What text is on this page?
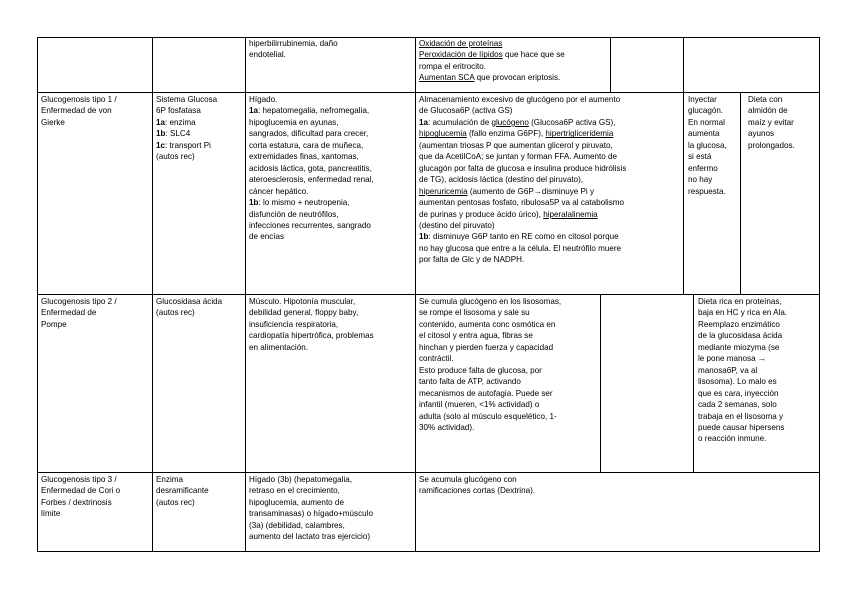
hiperbilirrubinemia, daño
endotelial.
Oxidación de proteínas
Peroxidación de lípidos que hace que se
rompa el eritrocito.
Aumentan SCA que provocan eriptosis.
Glucogenosis tipo 1 /
Enfermedad de von
Gierke
Sistema Glucosa
6P fosfatasa
1a: enzima
1b: SLC4
1c: transport Pi
(autos rec)
Hígado.
1a: hepatomegalia, nefromegalia,
hipoglucemia en ayunas,
sangrados, dificultad para crecer,
corta estatura, cara de muñeca,
extremidades finas, xantomas,
acidosis láctica, gota, pancreatitis,
ateroesclerosis, enfermedad renal,
cáncer hepático.
1b: lo mismo + neutropenia,
disfunción de neutrófilos,
infecciones recurrentes, sangrado
de encías
Almacenamiento excesivo de glucógeno por el aumento
de Glucosa6P (activa GS)
1a: acumulación de glucógeno (Glucosa6P activa GS),
hipoglucemia (fallo enzima G6PF), hipertrigliceridemia
(aumentan triosas P que aumentan glicerol y piruvato,
que da AcetilCoA; se juntan y forman FFA. Aumento de
glucagón por falta de glucosa e insulina produce hidrólisis
de TG), acidosis láctica (destino del piruvato),
hiperuricemia (aumento de G6P→disminuye Pi y
aumentan pentosas fosfato, ribulosa5P va al catabolismo
de purinas y produce ácido úrico), hiperalalinemia
(destino del piruvato)
1b: disminuye G6P tanto en RE como en citosol porque
no hay glucosa que entre a la célula. El neutrófilo muere
por falta de Glc y de NADPH.
Inyectar
glucagón.
En normal
aumenta
la glucosa,
si está
enfermo
no hay
respuesta.
Dieta con
almidón de
maíz y evitar
ayunos
prolongados.
Glucogenosis tipo 2 /
Enfermedad de
Pompe
Glucosidasa ácida
(autos rec)
Músculo. Hipotonía muscular,
debilidad general, floppy baby,
insuficiencia respiratoria,
cardiopatía hipertrófica, problemas
en alimentación.
Se cumula glucógeno en los lisosomas,
se rompe el lisosoma y sale su
contenido, aumenta conc osmótica en
el citosol y entra agua, fibras se
hinchan y pierden fuerza y capacidad
contráctil.
Esto produce falta de glucosa, por
tanto falta de ATP, activando
mecanismos de autofagia. Puede ser
infantil (mueren, <1% actividad) o
adulta (solo al músculo esquelético, 1-
30% actividad).
Dieta rica en proteínas,
baja en HC y rica en Ala.
Reemplazo enzimático
de la glucosidasa ácida
mediante miozyma (se
le pone manosa →
manosa6P, va al
lisosoma). Lo malo es
que es cara, inyección
cada 2 semanas, solo
trabaja en el lisosoma y
puede causar hipersens
o reacción inmune.
Glucogenosis tipo 3 /
Enfermedad de Cori o
Forbes / dextrinosis
límite
Enzima
desramificante
(autos rec)
Hígado (3b) (hepatomegalia,
retraso en el crecimiento,
hipoglucemia, aumento de
transaminasas) o hígado+músculo
(3a) (debilidad, calambres,
aumento del lactato tras ejercicio)
Se acumula glucógeno con
ramificaciones cortas (Dextrina).
